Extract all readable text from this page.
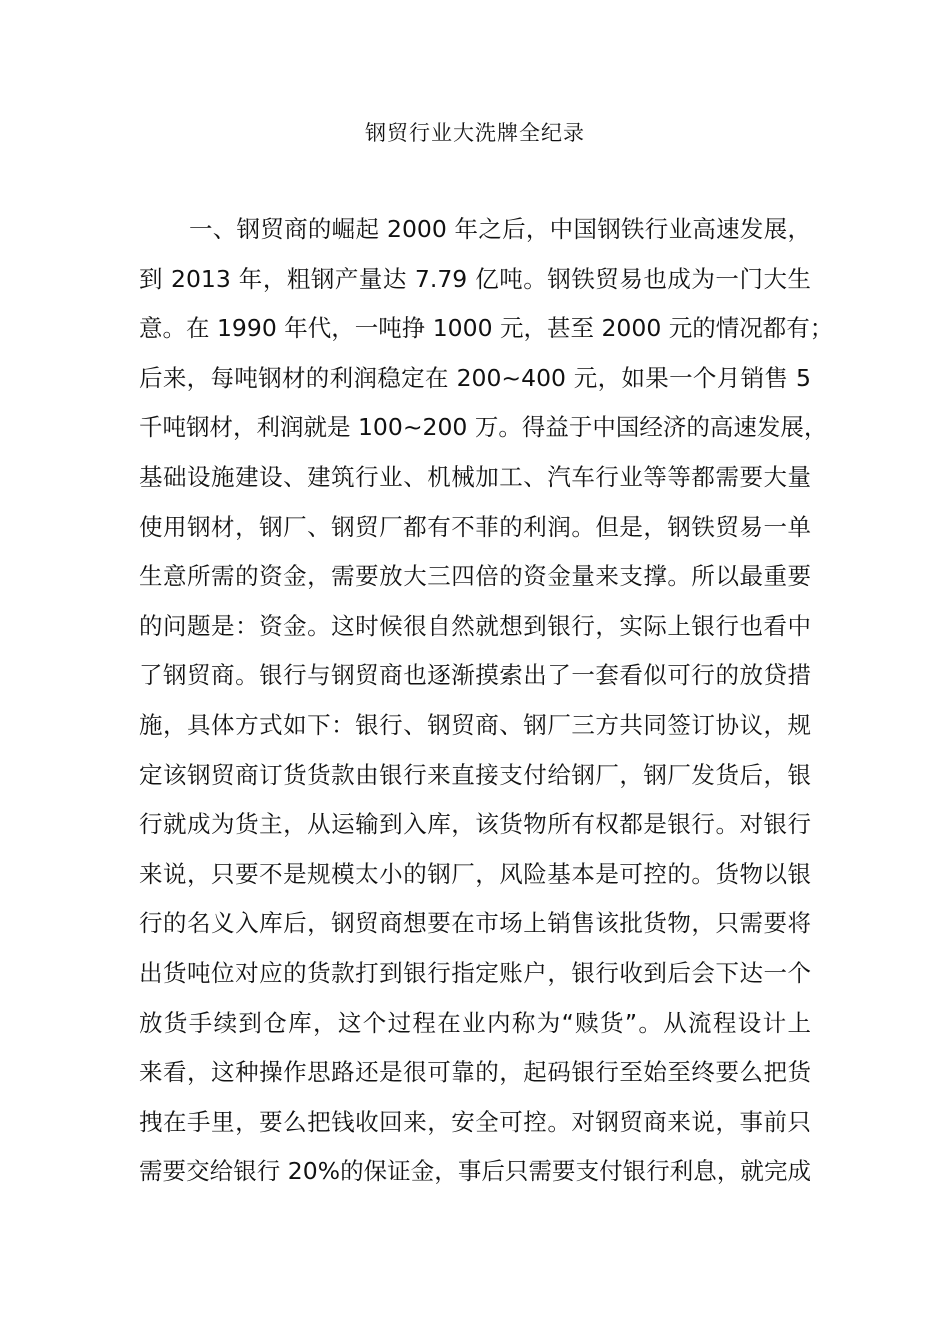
钢贸行业大洗牌全纪录
一、钢贸商的崛起 2000 年之后，中国钢铁行业高速发展，
到 2013 年，粗钢产量达 7.79 亿吨。钢铁贸易也成为一门大生
意。在 1990 年代，一吨挣 1000 元，甚至 2000 元的情况都有；
后来，每吨钢材的利润稳定在 200~400 元，如果一个月销售 5
千吨钢材，利润就是 100~200 万。得益于中国经济的高速发展，
基础设施建设、建筑行业、机械加工、汽车行业等等都需要大量
使用钢材，钢厂、钢贸厂都有不菲的利润。但是，钢铁贸易一单
生意所需的资金，需要放大三四倍的资金量来支撑。所以最重要
的问题是：资金。这时候很自然就想到银行，实际上银行也看中
了钢贸商。银行与钢贸商也逐渐摸索出了一套看似可行的放贷措
施，具体方式如下：银行、钢贸商、钢厂三方共同签订协议，规
定该钢贸商订货货款由银行来直接支付给钢厂，钢厂发货后，银
行就成为货主，从运输到入库，该货物所有权都是银行。对银行
来说，只要不是规模太小的钢厂，风险基本是可控的。货物以银
行的名义入库后，钢贸商想要在市场上销售该批货物，只需要将
出货吨位对应的货款打到银行指定账户，银行收到后会下达一个
放货手续到仓库，这个过程在业内称为“赎货”。从流程设计上
来看，这种操作思路还是很可靠的，起码银行至始至终要么把货
拽在手里，要么把钱收回来，安全可控。对钢贸商来说，事前只
需要交给银行 20%的保证金，事后只需要支付银行利息，就完成
